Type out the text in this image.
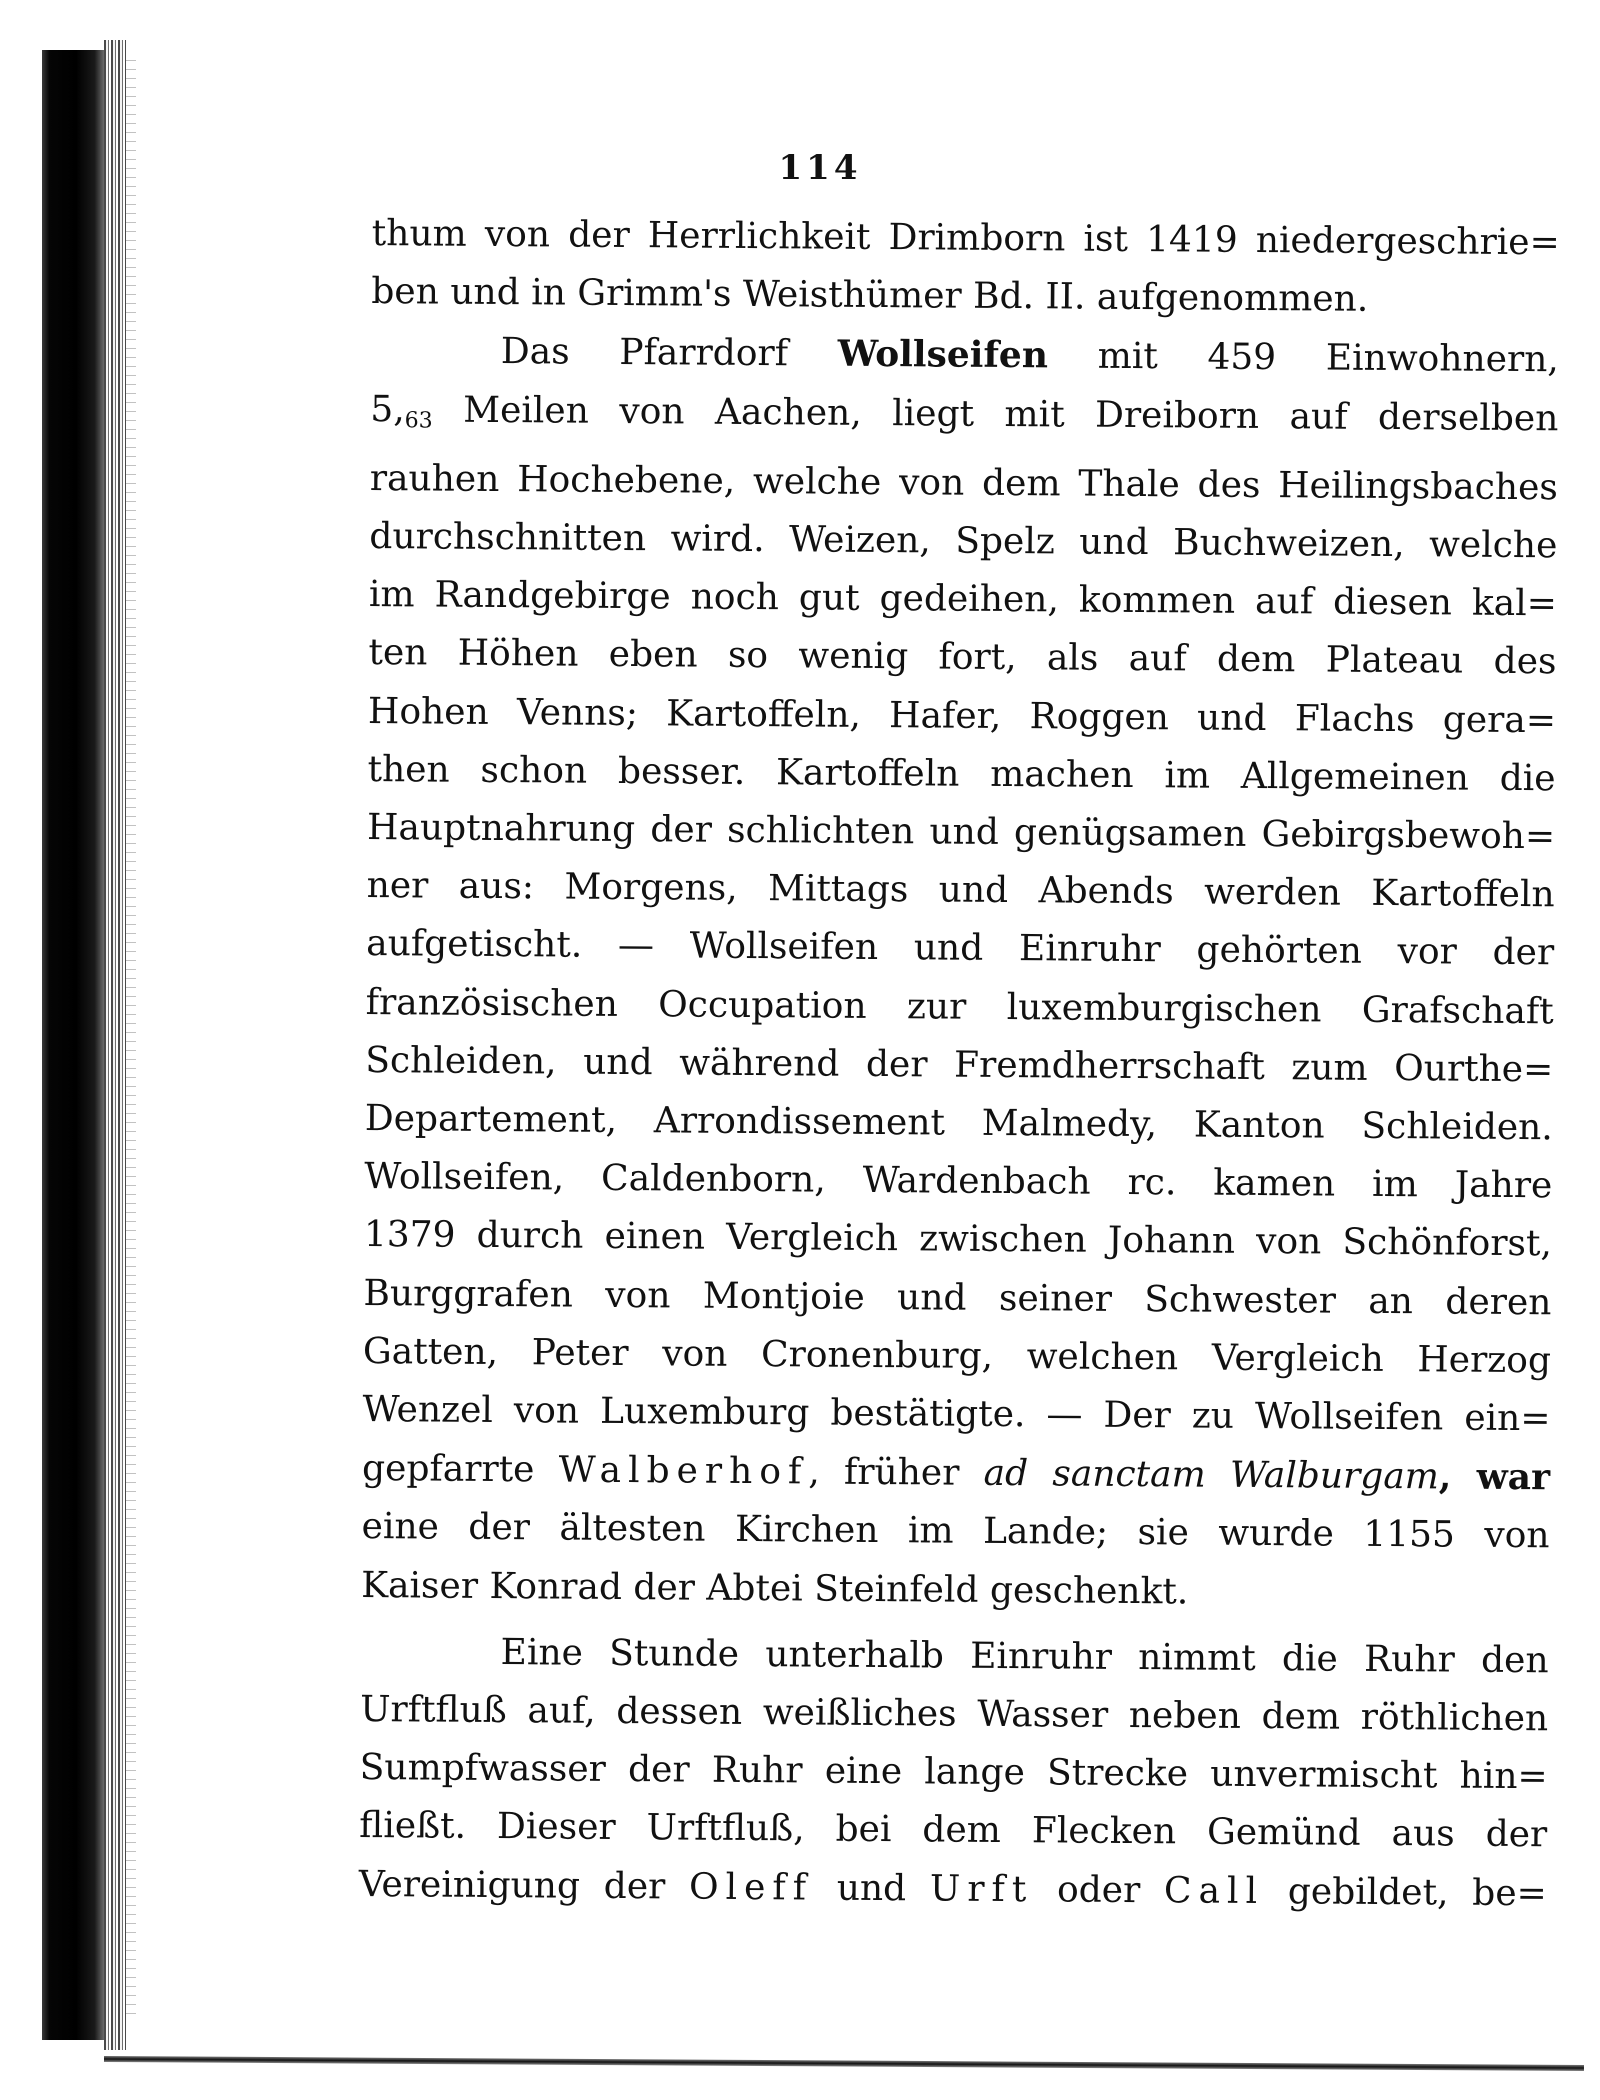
114
thum von der Herrlichkeit Drimborn ist 1419 niedergeschrie=
ben und in Grimm's Weisthümer Bd. II. aufgenommen.
Das Pfarrdorf Wollseifen mit 459 Einwohnern,
$5,_{63}$ Meilen von Aachen, liegt mit Dreiborn auf derselben
rauhen Hochebene, welche von dem Thale des Heilingsbaches
durchschnitten wird. Weizen, Spelz und Buchweizen, welche
im Randgebirge noch gut gedeihen, kommen auf diesen kal=
ten Höhen eben so wenig fort, als auf dem Plateau des
Hohen Venns; Kartoffeln, Hafer, Roggen und Flachs gera=
then schon besser. Kartoffeln machen im Allgemeinen die
Hauptnahrung der schlichten und genügsamen Gebirgsbewoh=
ner aus: Morgens, Mittags und Abends werden Kartoffeln
aufgetischt. — Wollseifen und Einruhr gehörten vor der
französischen Occupation zur luxemburgischen Grafschaft
Schleiden, und während der Fremdherrschaft zum Ourthe=
Departement, Arrondissement Malmedy, Kanton Schleiden.
Wollseifen, Caldenborn, Wardenbach rc. kamen im Jahre
1379 durch einen Vergleich zwischen Johann von Schönforst,
Burggrafen von Montjoie und seiner Schwester an deren
Gatten, Peter von Cronenburg, welchen Vergleich Herzog
Wenzel von Luxemburg bestätigte. — Der zu Wollseifen ein=
gepfarrte Walberhof, früher ad sanctam Walburgam, war
eine der ältesten Kirchen im Lande; sie wurde 1155 von
Kaiser Konrad der Abtei Steinfeld geschenkt.
Eine Stunde unterhalb Einruhr nimmt die Ruhr den
Urftfluß auf, dessen weißliches Wasser neben dem röthlichen
Sumpfwasser der Ruhr eine lange Strecke unvermischt hin=
fließt. Dieser Urftfluß, bei dem Flecken Gemünd aus der
Vereinigung der Oleff und Urft oder Call gebildet, be=
